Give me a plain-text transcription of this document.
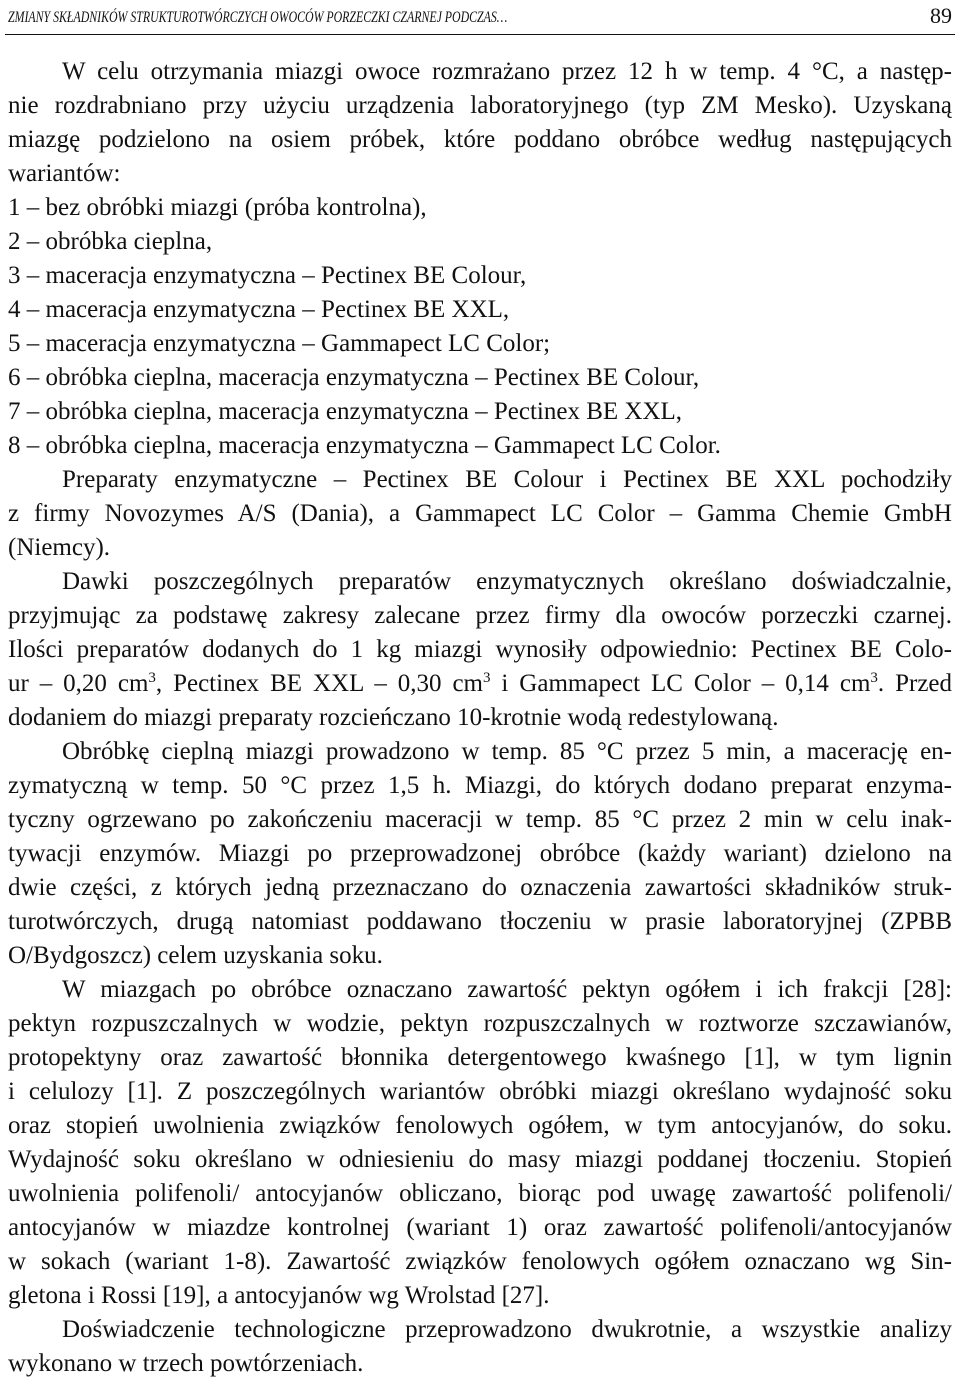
ZMIANY SKŁADNIKÓW STRUKTUROTWÓRCZYCH OWOCÓW PORZECZKI CZARNEJ PODCZAS…	89
W celu otrzymania miazgi owoce rozmrażano przez 12 h w temp. 4 °C, a następ-
nie rozdrabniano przy użyciu urządzenia laboratoryjnego (typ ZM Mesko). Uzyskaną
miazgę podzielono na osiem próbek, które poddano obróbce według następujących
wariantów:
1 – bez obróbki miazgi (próba kontrolna),
2 – obróbka cieplna,
3 – maceracja enzymatyczna – Pectinex BE Colour,
4 – maceracja enzymatyczna – Pectinex BE XXL,
5 – maceracja enzymatyczna – Gammapect LC Color;
6 – obróbka cieplna, maceracja enzymatyczna – Pectinex BE Colour,
7 – obróbka cieplna, maceracja enzymatyczna – Pectinex BE XXL,
8 – obróbka cieplna, maceracja enzymatyczna – Gammapect LC Color.
Preparaty enzymatyczne – Pectinex BE Colour i Pectinex BE XXL pochodziły
z firmy Novozymes A/S (Dania), a Gammapect LC Color – Gamma Chemie GmbH
(Niemcy).
Dawki poszczególnych preparatów enzymatycznych określano doświadczalnie,
przyjmując za podstawę zakresy zalecane przez firmy dla owoców porzeczki czarnej.
Ilości preparatów dodanych do 1 kg miazgi wynosiły odpowiednio: Pectinex BE Colo-
ur – 0,20 $cm^3$, Pectinex BE XXL – 0,30 $cm^3$ i Gammapect LC Color – 0,14 $cm^3$. Przed
dodaniem do miazgi preparaty rozcieńczano 10-krotnie wodą redestylowaną.
Obróbkę cieplną miazgi prowadzono w temp. 85 °C przez 5 min, a macerację en-
zymatyczną w temp. 50 °C przez 1,5 h. Miazgi, do których dodano preparat enzyma-
tyczny ogrzewano po zakończeniu maceracji w temp. 85 °C przez 2 min w celu inak-
tywacji enzymów. Miazgi po przeprowadzonej obróbce (każdy wariant) dzielono na
dwie części, z których jedną przeznaczano do oznaczenia zawartości składników struk-
turotwórczych, drugą natomiast poddawano tłoczeniu w prasie laboratoryjnej (ZPBB
O/Bydgoszcz) celem uzyskania soku.
W miazgach po obróbce oznaczano zawartość pektyn ogółem i ich frakcji [28]:
pektyn rozpuszczalnych w wodzie, pektyn rozpuszczalnych w roztworze szczawianów,
protopektyny oraz zawartość błonnika detergentowego kwaśnego [1], w tym lignin
i celulozy [1]. Z poszczególnych wariantów obróbki miazgi określano wydajność soku
oraz stopień uwolnienia związków fenolowych ogółem, w tym antocyjanów, do soku.
Wydajność soku określano w odniesieniu do masy miazgi poddanej tłoczeniu. Stopień
uwolnienia polifenoli/ antocyjanów obliczano, biorąc pod uwagę zawartość polifenoli/
antocyjanów w miazdze kontrolnej (wariant 1) oraz zawartość polifenoli/antocyjanów
w sokach (wariant 1-8). Zawartość związków fenolowych ogółem oznaczano wg Sin-
gletona i Rossi [19], a antocyjanów wg Wrolstad [27].
Doświadczenie technologiczne przeprowadzono dwukrotnie, a wszystkie analizy
wykonano w trzech powtórzeniach.
